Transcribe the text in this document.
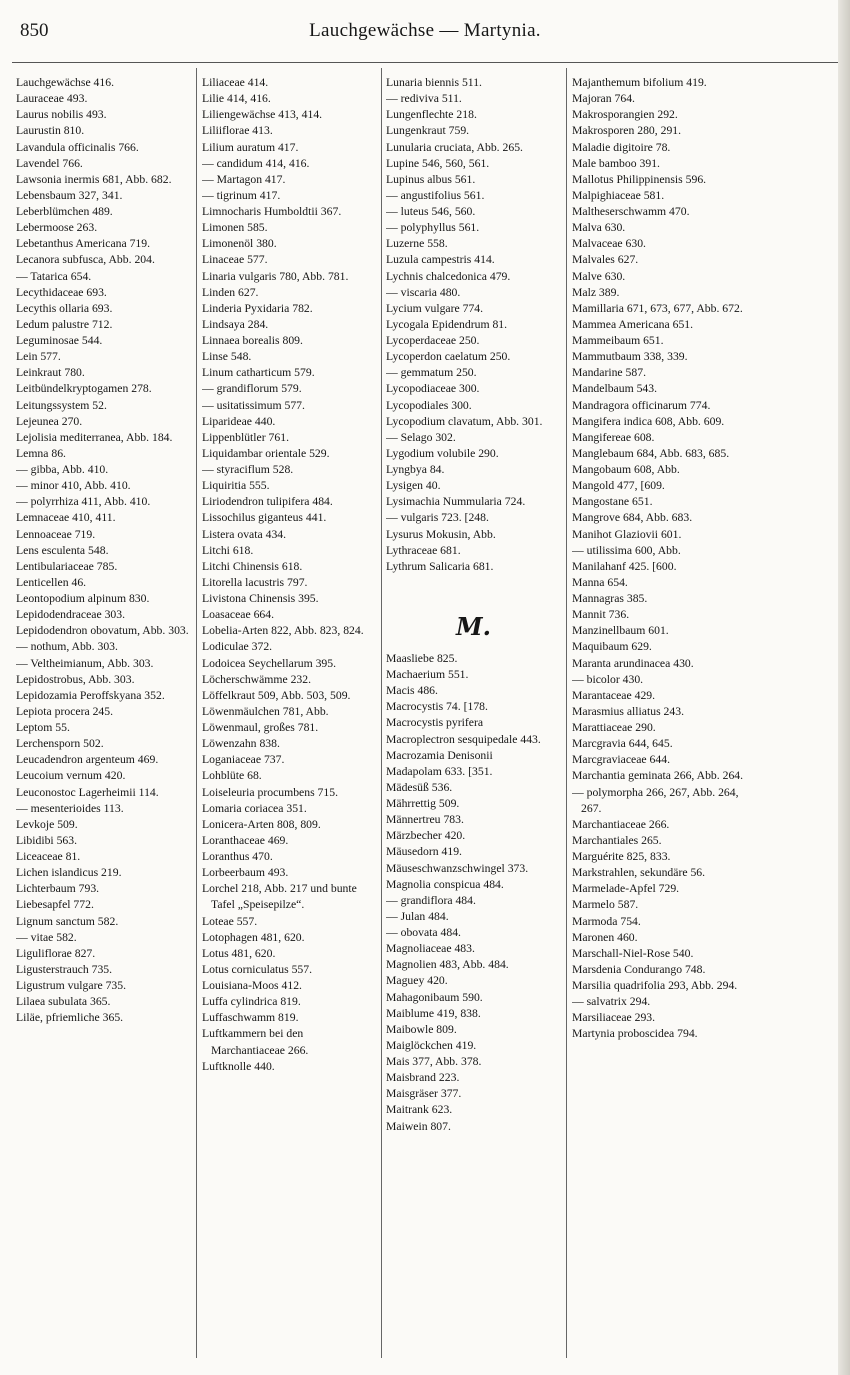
850	Lauchgewächse — Martynia.

Lauchgewächse 416.

Lauraceae 493.

Laurus nobilis 493.

Laurustin 810.

Lavandula officinalis 766.

Lavendel 766.

Lawsonia inermis 681, Abb. 682.

Lebensbaum 327, 341.

Leberblümchen 489.

Lebermoose 263.

Lebetanthus Americana 719.

Lecanora subfusca, Abb. 204.

— Tatarica 654.

Lecythidaceae 693.

Lecythis ollaria 693.

Ledum palustre 712.

Leguminosae 544.

Lein 577.

Leinkraut 780.

Leitbündelkryptogamen 278.

Leitungssystem 52.

Lejeunea 270.

Lejolisia mediterranea, Abb. 184.

Lemna 86.

— gibba, Abb. 410.

— minor 410, Abb. 410.

— polyrrhiza 411, Abb. 410.

Lemnaceae 410, 411.

Lennoaceae 719.

Lens esculenta 548.

Lentibulariaceae 785.

Lenticellen 46.

Leontopodium alpinum 830.

Lepidodendraceae 303.

Lepidodendron obovatum, Abb. 303.

— nothum, Abb. 303.

— Veltheimianum, Abb. 303.

Lepidostrobus, Abb. 303.

Lepidozamia Peroffskyana 352.

Lepiota procera 245.

Leptom 55.

Lerchensporn 502.

Leucadendron argenteum 469.

Leucoium vernum 420.

Leuconostoc Lagerheimii 114.

— mesenterioides 113.

Levkoje 509.

Libidibi 563.

Liceaceae 81.

Lichen islandicus 219.

Lichterbaum 793.

Liebesapfel 772.

Lignum sanctum 582.

— vitae 582.

Liguliflorae 827.

Ligusterstrauch 735.

Ligustrum vulgare 735.

Lilaea subulata 365.

Liläe, pfriemliche 365.

Liliaceae 414.

Lilie 414, 416.

Liliengewächse 413, 414.

Liliiflorae 413.

Lilium auratum 417.

— candidum 414, 416.

— Martagon 417.

— tigrinum 417.

Limnocharis Humboldtii 367.

Limonen 585.

Limonenöl 380.

Linaceae 577.

Linaria vulgaris 780, Abb. 781.

Linden 627.

Linderia Pyxidaria 782.

Lindsaya 284.

Linnaea borealis 809.

Linse 548.

Linum catharticum 579.

— grandiflorum 579.

— usitatissimum 577.

Liparideae 440.

Lippenblütler 761.

Liquidambar orientale 529.

— styraciflum 528.

Liquiritia 555.

Liriodendron tulipifera 484.

Lissochilus giganteus 441.

Listera ovata 434.

Litchi 618.

Litchi Chinensis 618.

Litorella lacustris 797.

Livistona Chinensis 395.

Loasaceae 664.

Lobelia-Arten 822, Abb. 823, 824.

Lodiculae 372.

Lodoicea Seychellarum 395.

Löcherschwämme 232.

Löffelkraut 509, Abb. 503, 509.

Löwenmäulchen 781, Abb.

Löwenmaul, großes 781.

Löwenzahn 838.

Loganiaceae 737.

Lohblüte 68.

Loiseleuria procumbens 715.

Lomaria coriacea 351.

Lonicera-Arten 808, 809.

Loranthaceae 469.

Loranthus 470.

Lorbeerbaum 493.

Lorchel 218, Abb. 217 und bunte Tafel „Speisepilze“.

Loteae 557.

Lotophagen 481, 620.

Lotus 481, 620.

Lotus corniculatus 557.

Louisiana-Moos 412.

Luffa cylindrica 819.

Luffaschwamm 819.

Luftkammern bei den Marchantiaceae 266.

Luftknolle 440.

Lunaria biennis 511.

— rediviva 511.

Lungenflechte 218.

Lungenkraut 759.

Lunularia cruciata, Abb. 265.

Lupine 546, 560, 561.

Lupinus albus 561.

— angustifolius 561.

— luteus 546, 560.

— polyphyllus 561.

Luzerne 558.

Luzula campestris 414.

Lychnis chalcedonica 479.

— viscaria 480.

Lycium vulgare 774.

Lycogala Epidendrum 81.

Lycoperdaceae 250.

Lycoperdon caelatum 250.

— gemmatum 250.

Lycopodiaceae 300.

Lycopodiales 300.

Lycopodium clavatum, Abb. 301.

— Selago 302.

Lygodium volubile 290.

Lyngbya 84.

Lysigen 40.

Lysimachia Nummularia 724.

— vulgaris 723. [248.

Lysurus Mokusin, Abb.

Lythraceae 681.

Lythrum Salicaria 681.

M.

Maasliebe 825.

Machaerium 551.

Macis 486.

Macrocystis 74. [178.

Macrocystis pyrifera

Macroplectron sesquipedale 443.

Macrozamia Denisonii

Madapolam 633. [351.

Mädesüß 536.

Mährrettig 509.

Männertreu 783.

Märzbecher 420.

Mäusedorn 419.

Mäuseschwanzschwingel 373.

Magnolia conspicua 484.

— grandiflora 484.

— Julan 484.

— obovata 484.

Magnoliaceae 483.

Magnolien 483, Abb. 484.

Maguey 420.

Mahagonibaum 590.

Maiblume 419, 838.

Maibowle 809.

Maiglöckchen 419.

Mais 377, Abb. 378.

Maisbrand 223.

Maisgräser 377.

Maitrank 623.

Maiwein 807.

Majanthemum bifolium 419.

Majoran 764.

Makrosporangien 292.

Makrosporen 280, 291.

Maladie digitoire 78.

Male bamboo 391.

Mallotus Philippinensis 596.

Malpighiaceae 581.

Maltheserschwamm 470.

Malva 630.

Malvaceae 630.

Malvales 627.

Malve 630.

Malz 389.

Mamillaria 671, 673, 677, Abb. 672.

Mammea Americana 651.

Mammeibaum 651.

Mammutbaum 338, 339.

Mandarine 587.

Mandelbaum 543.

Mandragora officinarum 774.

Mangifera indica 608, Abb. 609.

Mangifereae 608.

Manglebaum 684, Abb. 683, 685.

Mangobaum 608, Abb.

Mangold 477, [609.

Mangostane 651.

Mangrove 684, Abb. 683.

Manihot Glaziovii 601.

— utilissima 600, Abb.

Manilahanf 425. [600.

Manna 654.

Mannagras 385.

Mannit 736.

Manzinellbaum 601.

Maquibaum 629.

Maranta arundinacea 430.

— bicolor 430.

Marantaceae 429.

Marasmius alliatus 243.

Marattiaceae 290.

Marcgravia 644, 645.

Marcgraviaceae 644.

Marchantia geminata 266, Abb. 264.

— polymorpha 266, 267, Abb. 264, 267.

Marchantiaceae 266.

Marchantiales 265.

Marguérite 825, 833.

Markstrahlen, sekundäre 56.

Marmelade-Apfel 729.

Marmelo 587.

Marmoda 754.

Maronen 460.

Marschall-Niel-Rose 540.

Marsdenia Condurango 748.

Marsilia quadrifolia 293, Abb. 294.

— salvatrix 294.

Marsiliaceae 293.

Martynia proboscidea 794.
